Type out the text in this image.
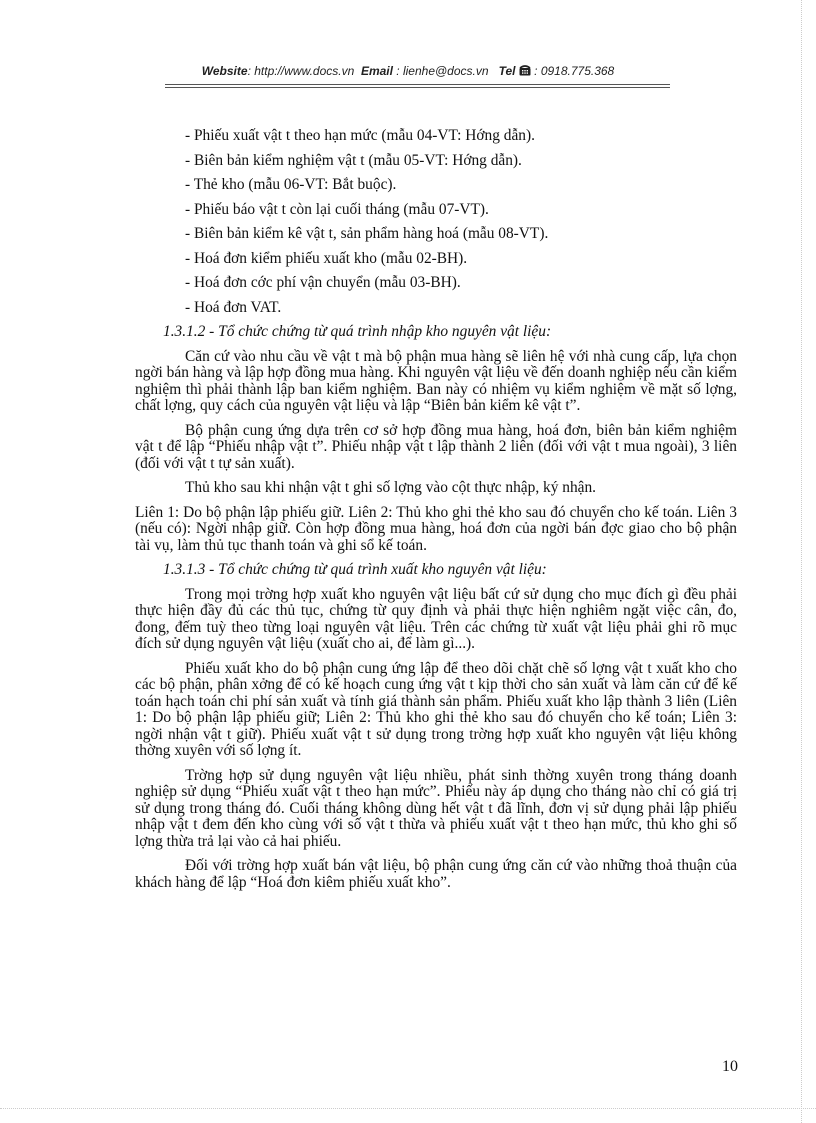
Website: http://www.docs.vn Email : lienhe@docs.vn Tel : 0918.775.368
- Phiếu xuất vật t theo hạn mức (mẫu 04-VT: Hớng dẫn).
- Biên bản kiểm nghiệm vật t (mẫu 05-VT: Hớng dẫn).
- Thẻ kho (mẫu 06-VT: Bắt buộc).
- Phiếu báo vật t còn lại cuối tháng (mẫu 07-VT).
- Biên bản kiểm kê vật t, sản phẩm hàng hoá (mẫu 08-VT).
- Hoá đơn kiểm phiếu xuất kho (mẫu 02-BH).
- Hoá đơn cớc phí vận chuyển (mẫu 03-BH).
- Hoá đơn VAT.
1.3.1.2 - Tổ chức chứng từ quá trình nhập kho nguyên vật liệu:

Căn cứ vào nhu cầu về vật t mà bộ phận mua hàng sẽ liên hệ với nhà cung cấp, lựa chọn ngời bán hàng và lập hợp đồng mua hàng. Khi nguyên vật liệu về đến doanh nghiệp nếu cần kiểm nghiệm thì phải thành lập ban kiểm nghiệm. Ban này có nhiệm vụ kiểm nghiệm về mặt số lợng, chất lợng, quy cách của nguyên vật liệu và lập “Biên bản kiểm kê vật t”.

Bộ phận cung ứng dựa trên cơ sở hợp đồng mua hàng, hoá đơn, biên bản kiểm nghiệm vật t để lập “Phiếu nhập vật t”. Phiếu nhập vật t lập thành 2 liên (đối với vật t mua ngoài), 3 liên (đối với vật t tự sản xuất).

Thủ kho sau khi nhận vật t ghi số lợng vào cột thực nhập, ký nhận.

Liên 1: Do bộ phận lập phiếu giữ. Liên 2: Thủ kho ghi thẻ kho sau đó chuyển cho kế toán. Liên 3 (nếu có): Ngời nhập giữ. Còn hợp đồng mua hàng, hoá đơn của ngời bán đợc giao cho bộ phận tài vụ, làm thủ tục thanh toán và ghi sổ kế toán.

1.3.1.3 - Tổ chức chứng từ quá trình xuất kho nguyên vật liệu:

Trong mọi trờng hợp xuất kho nguyên vật liệu bất cứ sử dụng cho mục đích gì đều phải thực hiện đầy đủ các thủ tục, chứng từ quy định và phải thực hiện nghiêm ngặt việc cân, đo, đong, đếm tuỳ theo từng loại nguyên vật liệu. Trên các chứng từ xuất vật liệu phải ghi rõ mục đích sử dụng nguyên vật liệu (xuất cho ai, để làm gì...).

Phiếu xuất kho do bộ phận cung ứng lập để theo dõi chặt chẽ số lợng vật t xuất kho cho các bộ phận, phân xởng để có kế hoạch cung ứng vật t kịp thời cho sản xuất và làm căn cứ để kế toán hạch toán chi phí sản xuất và tính giá thành sản phẩm. Phiếu xuất kho lập thành 3 liên (Liên 1: Do bộ phận lập phiếu giữ; Liên 2: Thủ kho ghi thẻ kho sau đó chuyển cho kế toán; Liên 3: ngời nhận vật t giữ). Phiếu xuất vật t sử dụng trong trờng hợp xuất kho nguyên vật liệu không thờng xuyên với số lợng ít.

Trờng hợp sử dụng nguyên vật liệu nhiều, phát sinh thờng xuyên trong tháng doanh nghiệp sử dụng “Phiếu xuất vật t theo hạn mức”. Phiếu này áp dụng cho tháng nào chỉ có giá trị sử dụng trong tháng đó. Cuối tháng không dùng hết vật t đã lĩnh, đơn vị sử dụng phải lập phiếu nhập vật t đem đến kho cùng với số vật t thừa và phiếu xuất vật t theo hạn mức, thủ kho ghi số lợng thừa trả lại vào cả hai phiếu.

Đối với trờng hợp xuất bán vật liệu, bộ phận cung ứng căn cứ vào những thoả thuận của khách hàng để lập “Hoá đơn kiêm phiếu xuất kho”.

10
